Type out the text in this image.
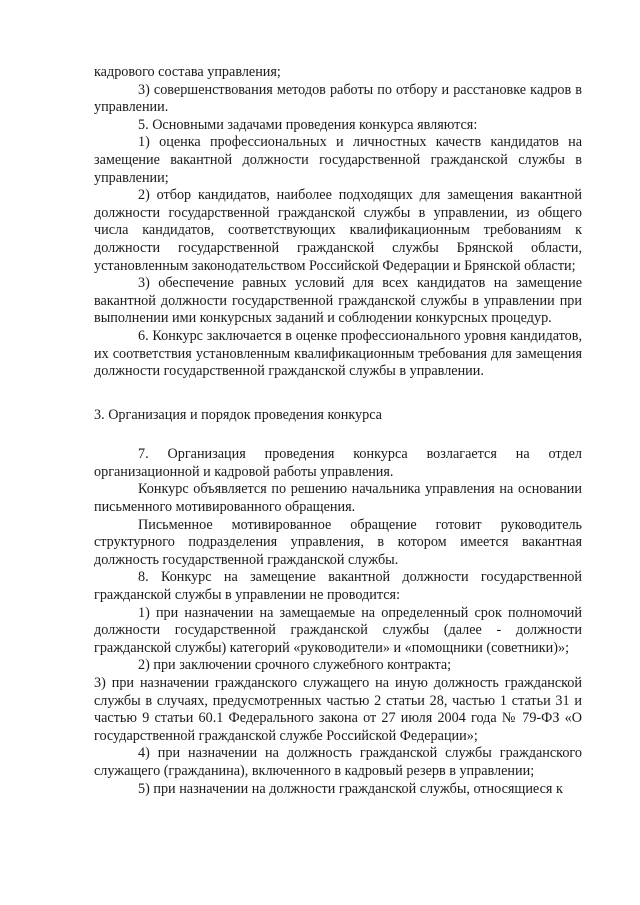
кадрового состава управления;

3) совершенствования методов работы по отбору и расстановке кадров в управлении.

5. Основными задачами проведения конкурса являются:

1) оценка профессиональных и личностных качеств кандидатов на замещение вакантной должности государственной гражданской службы в управлении;

2) отбор кандидатов, наиболее подходящих для замещения вакантной должности государственной гражданской службы в управлении, из общего числа кандидатов, соответствующих квалификационным требованиям к должности государственной гражданской службы Брянской области, установленным законодательством Российской Федерации и Брянской области;

3) обеспечение равных условий для всех кандидатов на замещение вакантной должности государственной гражданской службы в управлении при выполнении ими конкурсных заданий и соблюдении конкурсных процедур.

6. Конкурс заключается в оценке профессионального уровня кандидатов, их соответствия установленным квалификационным требования для замещения должности государственной гражданской службы в управлении.

3. Организация и порядок проведения конкурса

7. Организация проведения конкурса возлагается на отдел организационной и кадровой работы управления.

Конкурс объявляется по решению начальника управления на основании письменного мотивированного обращения.

Письменное мотивированное обращение готовит руководитель структурного подразделения управления, в котором имеется вакантная должность государственной гражданской службы.

8. Конкурс на замещение вакантной должности государственной гражданской службы в управлении не проводится:

1) при назначении на замещаемые на определенный срок полномочий должности государственной гражданской службы (далее - должности гражданской службы) категорий «руководители» и «помощники (советники)»;

2) при заключении срочного служебного контракта;

3) при назначении гражданского служащего на иную должность гражданской службы в случаях, предусмотренных частью 2 статьи 28, частью 1 статьи 31 и частью 9 статьи 60.1 Федерального закона от 27 июля 2004 года № 79-ФЗ «О государственной гражданской службе Российской Федерации»;

4) при назначении на должность гражданской службы гражданского служащего (гражданина), включенного в кадровый резерв в управлении;

5) при назначении на должности гражданской службы, относящиеся к
